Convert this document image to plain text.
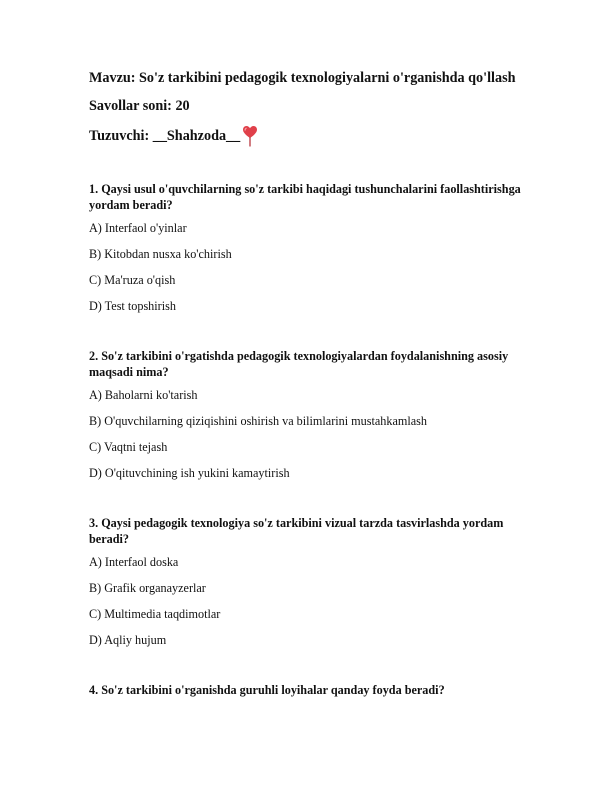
Mavzu: So'z tarkibini pedagogik texnologiyalarni o'rganishda qo'llash
Savollar soni: 20
Tuzuvchi: __Shahzoda__
1. Qaysi usul o'quvchilarning so'z tarkibi haqidagi tushunchalarini faollashtirishga yordam beradi?
A) Interfaol o'yinlar
B) Kitobdan nusxa ko'chirish
C) Ma'ruza o'qish
D) Test topshirish
2. So'z tarkibini o'rgatishda pedagogik texnologiyalardan foydalanishning asosiy maqsadi nima?
A) Baholarni ko'tarish
B) O'quvchilarning qiziqishini oshirish va bilimlarini mustahkamlash
C) Vaqtni tejash
D) O'qituvchining ish yukini kamaytirish
3. Qaysi pedagogik texnologiya so'z tarkibini vizual tarzda tasvirlashda yordam beradi?
A) Interfaol doska
B) Grafik organayzerlar
C) Multimedia taqdimotlar
D) Aqliy hujum
4. So'z tarkibini o'rganishda guruhli loyihalar qanday foyda beradi?
